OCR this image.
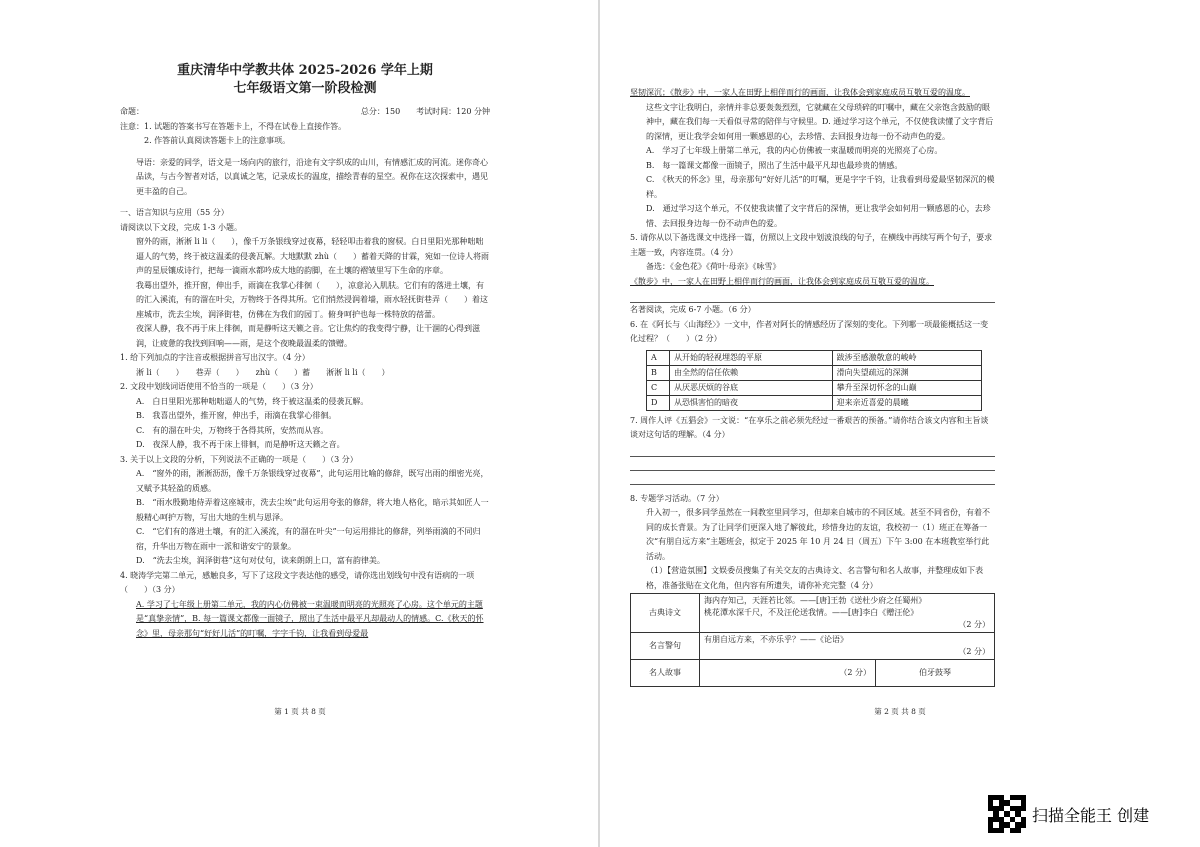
重庆清华中学教共体 2025-2026 学年上期
七年级语文第一阶段检测
命题：	总分：150　　考试时间：120 分钟
注意：1. 试题的答案书写在答题卡上，不得在试卷上直接作答。
　　　2. 作答前认真阅读答题卡上的注意事项。
导语：亲爱的同学，语文是一场向内的旅行，沿途有文字织成的山川，有情感汇成的河流。迷你奇心品读，与古今智者对话，以真诚之笔，记录成长的温度，描绘青春的星空。祝你在这次探索中，遇见更丰盈的自己。
一、语言知识与应用（55 分）
请阅读以下文段，完成 1-3 小题。
窗外的雨，淅淅 li li（　　），像千万条银线穿过夜幕，轻轻叩击着我的窗棂。白日里阳光那种咄咄逼人的气势，终于被这温柔的侵袭瓦解。大地默默 zhù（　　）蓄着天降的甘霖，宛如一位诗人将雨声的星辰镶成诗行，把每一滴雨水都吟成大地的韵脚，在土壤的褶皱里写下生命的序章。
我蓦出望外，推开窗，伸出手，雨滴在我掌心徘徊（　　），凉意沁入肌肤。它们有的落进土壤，有的汇入溪流，有的溜在叶尖，万物终于各得其所。它们悄然浸润着墙，雨水轻抚街巷弄（　　）着这座城市，洗去尘埃，润泽街巷，仿佛在为我们的园丁。俯身呵护也每一株特放的蓓蕾。
夜深人静，我不再于床上徘徊，而是静听这天籁之音。它让焦灼的我变得宁静，让干涸的心得到滋润，让疲惫的我找到回响——雨，是这个夜晚最温柔的馈赠。
1. 给下列加点的字注音或根据拼音写出汉字。（4 分）
淅 li（　　）　　巷弄（　　）　　zhù（　　）蓄　　淅淅 li li（　　）
2. 文段中划线词语使用不恰当的一项是（　　）（3 分）
A.　白日里阳光那种咄咄逼人的气势，终于被这温柔的侵袭瓦解。
B.　我喜出望外，推开窗，伸出手，雨滴在我掌心徘徊。
C.　有的溜在叶尖，万物终于各得其所，安然而从容。
D.　夜深人静，我不再于床上徘徊，而是静听这天籁之音。
3. 关于以上文段的分析，下列说法不正确的一项是（　　）（3 分）
A.　“窗外的雨，淅淅沥沥，像千万条银线穿过夜幕”，此句运用比喻的修辞，既写出雨的细密光亮，又赋予其轻盈的质感。
B.　“雨水殷勤地侍弄着这座城市，洗去尘埃”此句运用夸张的修辞，将大地人格化，暗示其如匠人一般精心呵护万物，写出大地的生机与恩泽。
C.　“它们有的落进土壤，有的汇入溪流，有的溜在叶尖”一句运用排比的修辞，列举雨滴的不同归宿，升华出万物在雨中一派和谐安宁的景象。
D.　“洗去尘埃，润泽街巷”这句对仗句，读来朗朗上口，富有韵律美。
4. 晓涛学完第二单元，感触良多，写下了这段文字表达他的感受，请你选出划线句中没有语病的一项（　　）（3 分）
A. 学习了七年级上册第二单元，我的内心仿佛被一束温暖而明亮的光照亮了心房。这个单元的主题是“真挚亲情”，B. 每一篇课文都像一面镜子，照出了生活中最平凡却最动人的情感。C.《秋天的怀念》里，母亲那句“好好儿活”的叮嘱，字字千钧，让我看到母爱最
第 1 页 共 8 页
坚韧深沉；《散步》中，一家人在田野上相伴而行的画面，让我体会到家庭成员互敬互爱的温度。
这些文字让我明白，亲情并非总要轰轰烈烈，它就藏在父母琐碎的叮嘱中，藏在父亲饱含鼓励的眼神中，藏在我们每一天看似寻常的陪伴与守候里。D. 通过学习这个单元，不仅使我读懂了文字背后的深情，更让我学会如何用一颗感恩的心，去珍惜、去回报身边每一份不动声色的爱。
A.　学习了七年级上册第二单元，我的内心仿佛被一束温暖而明亮的光照亮了心房。
B.　每一篇课文都像一面镜子，照出了生活中最平凡却也最珍贵的情感。
C.　《秋天的怀念》里，母亲那句“好好儿活”的叮嘱，更是字字千钧，让我看到母爱最坚韧深沉的模样。
D.　通过学习这个单元，不仅使我读懂了文字背后的深情，更让我学会如何用一颗感恩的心，去珍惜、去回报身边每一份不动声色的爱。
5. 请你从以下备选课文中选择一篇，仿照以上文段中划波浪线的句子，在横线中再续写两个句子，要求主题一致，内容连贯。（4 分）
备选：《金色花》《荷叶·母亲》《咏雪》
《散步》中，一家人在田野上相伴而行的画面，让我体会到家庭成员互敬互爱的温度。
名著阅读，完成 6-7 小题。（6 分）
6. 在《阿长与〈山海经〉》一文中，作者对阿长的情感经历了深刻的变化。下列哪一项最能概括这一变化过程？（　　）（2 分）
A	从开始的轻视埋怨的平原	跋涉至感激敬意的峻岭
B	由全然的信任依赖	滑向失望疏远的深渊
C	从厌恶厌烦的谷底	攀升至深切怀念的山巅
D	从恐惧害怕的暗夜	迎来亲近喜爱的晨曦
7. 周作人评《五猖会》一文说：“在享乐之前必须先经过一番艰苦的预备。”请你结合该文内容和主旨谈谈对这句话的理解。（4 分）
8. 专题学习活动。（7 分）
升入初一，很多同学虽然在一间教室里同学习，但却来自城市的不同区域。甚至不同省份，有着不同的成长背景。为了让同学们更深入地了解彼此，珍惜身边的友谊，我校初一（1）班正在筹备一次“有朋自远方来”主题班会，拟定于 2025 年 10 月 24 日（周五）下午 3:00 在本班教室举行此活动。
（1）【营造氛围】文娱委员搜集了有关交友的古典诗文、名言警句和名人故事，并整理成如下表格，准备张贴在文化角，但内容有所遗失，请你补充完整（4 分）
古典诗文	海内存知己，天涯若比邻。——[唐]王勃《送杜少府之任蜀州》
桃花潭水深千尺，不及汪伦送我情。——[唐]李白《赠汪伦》
（2 分）	

名言警句	有朋自远方来，不亦乐乎？——《论语》
（2 分）	

名人故事	（2 分）	伯牙鼓琴
第 2 页 共 8 页
扫描全能王 创建
